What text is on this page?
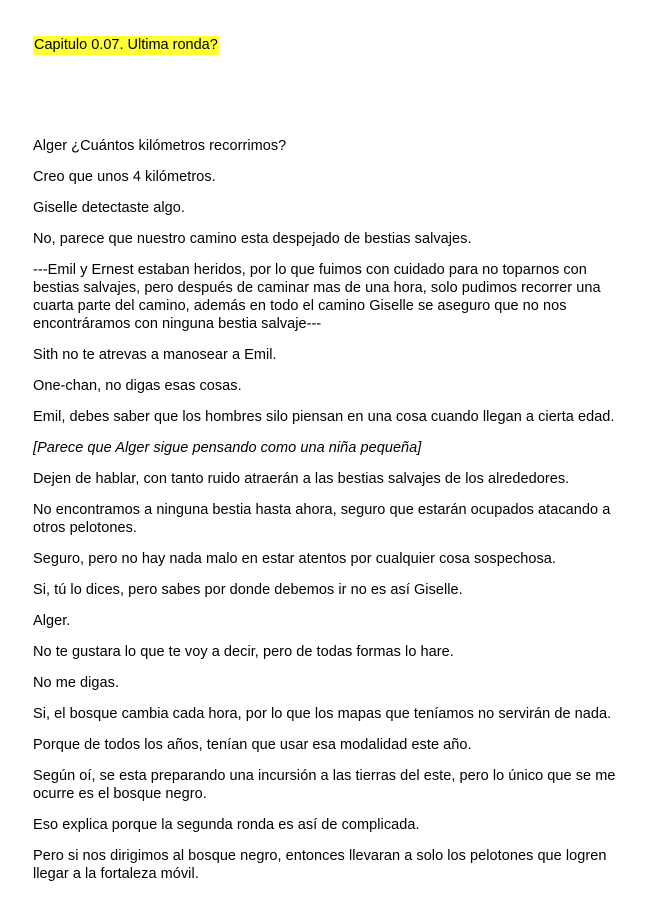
Capitulo 0.07. Ultima ronda?

Alger ¿Cuántos kilómetros recorrimos?

Creo que unos 4 kilómetros.

Giselle detectaste algo.

No, parece que nuestro camino esta despejado de bestias salvajes.

---Emil y Ernest estaban heridos, por lo que fuimos con cuidado para no toparnos con bestias salvajes, pero después de caminar mas de una hora, solo pudimos recorrer una cuarta parte del camino, además en todo el camino Giselle se aseguro que no nos encontráramos con ninguna bestia salvaje---

Sith no te atrevas a manosear a Emil.

One-chan, no digas esas cosas.

Emil, debes saber que los hombres silo piensan en una cosa cuando llegan a cierta edad.

[Parece que Alger sigue pensando como una niña pequeña]

Dejen de hablar, con tanto ruido atraerán a las bestias salvajes de los alrededores.

No encontramos a ninguna bestia hasta ahora, seguro que estarán ocupados atacando a otros pelotones.

Seguro, pero no hay nada malo en estar atentos por cualquier cosa sospechosa.

Si, tú lo dices, pero sabes por donde debemos ir no es así Giselle.

Alger.

No te gustara lo que te voy a decir, pero de todas formas lo hare.

No me digas.

Si, el bosque cambia cada hora, por lo que los mapas que teníamos no servirán de nada.

Porque de todos los años, tenían que usar esa modalidad este año.

Según oí, se esta preparando una incursión a las tierras del este, pero lo único que se me ocurre es el bosque negro.

Eso explica porque la segunda ronda es así de complicada.

Pero si nos dirigimos al bosque negro, entonces llevaran a solo los pelotones que logren llegar a la fortaleza móvil.
